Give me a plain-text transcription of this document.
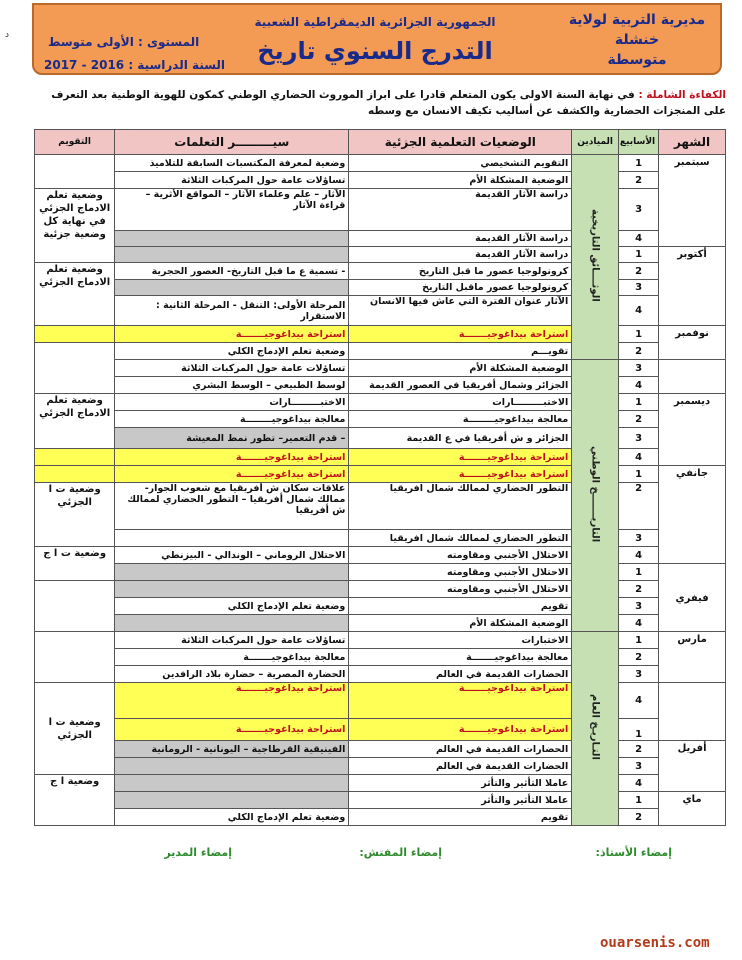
د
مديرية التربية لولاية خنشلة
متوسطة
الجمهورية الجزائرية الديمقراطية الشعبية
التدرج السنوي تاريخ
المستوى : الأولى متوسط
السنة الدراسية : 2016 - 2017
الكفاءة الشاملة : في نهاية السنة الاولى يكون المتعلم قادرا على ابراز الموروث الحضاري الوطني كمكون للهوية الوطنية بعد التعرف على المنجزات الحضارية والكشف عن أساليب تكيف الانسان مع وسطه
الشهر	الأسابيع	الميادين	الوضعيات التعلمية الجزئية	سيـــــــــر التعلمات	التقويم
سبتمبر	1	الوثــــائق التاريخية	التقويم التشخيصي	وضعية لمعرفة المكتسبات السابقة للتلاميذ	
	2		الوضعية المشكلة الأم	تساؤلات عامة حول المركبات الثلاثة	
	3		دراسة الآثار القديمة	الآثار – علم وعلماء الآثار – المواقع الأثرية – قراءة الآثار	وضعية تعلم الادماج الجزئي في نهاية كل وضعية جزئية
	4		دراسة الآثار القديمة		
أكتوبر	1		دراسة الآثار القديمة		
	2		كرونولوجيا عصور ما قبل التاريخ	- تسمية ع ما قبل التاريخ- العصور الحجرية	وضعية تعلم الادماج الجزئي
	3		كرونولوجيا عصور ماقبل التاريخ		
	4		الآثار عنوان الفترة التي عاش فيها الانسان	المرحلة الأولى: التنقل - المرحلة الثانية : الاستقرار	
نوفمبر	1		استراحة بيداغوجيـــــــة	استراحة بيداغوجيـــــــة	
	2		تقويـــم	وضعية تعلم الإدماج الكلي	
	3	التاريـــــــخ الوطني	الوضعية المشكلة الأم	تساؤلات عامة حول المركبات الثلاثة	
	4		الجزائر وشمال أفريقيا في العصور القديمة	لوسط الطبيعي – الوسط البشري	
ديسمبر	1		الاختبـــــــــارات	الاختبـــــــــارات	وضعية تعلم الادماج الجزئي
	2		معالجة بيداغوجيــــــــة	معالجة بيداغوجيــــــــة	
	3		الجزائر و ش أفريقيا في ع القديمة	– قدم التعمير– تطور نمط المعيشة	
	4		استراحة بيداغوجيـــــــة	استراحة بيداغوجيـــــــة	
جانفي	1		استراحة بيداغوجيـــــــة	استراحة بيداغوجيـــــــة	
	2		التطور الحضاري لممالك شمال افريقيا	علاقات سكان ش أفريقيا مع شعوب الجوار- ممالك شمال أفريقيا – التطور الحضاري لممالك ش أفريقيا	وضعية ت ا الجزئي
	3		التطور الحضاري لممالك شمال افريقيا		
	4		الاحتلال الأجنبي ومقاومته	الاحتلال الروماني – الوندالي - البيزنطي	وضعية ت ا ج
فيفري	1		الاحتلال الأجنبي ومقاومته		
	2		الاحتلال الأجنبي ومقاومته		
	3		تقويم	وضعية تعلم الإدماج الكلي	
	4		الوضعية المشكلة الأم		
مارس	1	التـاريـخ العام	الاختبارات	تساؤلات عامة حول المركبات الثلاثة	
	2		معالجة بيداغوجيـــــــة	معالجة بيداغوجيـــــــة	
	3		الحضارات القديمة في العالم	الحضارة المصرية – حضارة بلاد الرافدين	
	4		استراحة بيداغوجيـــــــة	استراحة بيداغوجيـــــــة	وضعية ت ا الجزئي
	1		استراحة بيداغوجيـــــــة	استراحة بيداغوجيـــــــة	
أفريل	2		الحضارات القديمة في العالم	الفينيقية القرطاجية – اليونانية - الرومانية	
	3		الحضارات القديمة في العالم		
	4		عاملا التأثير والتأثر		وضعية ا ج
ماي	1		عاملا التأثير والتأثر		
	2		تقويم	وضعية تعلم الإدماج الكلي	
إمضاء الأستاذ:
إمضاء المفتش:
إمضاء المدير
ouarsenis.com
